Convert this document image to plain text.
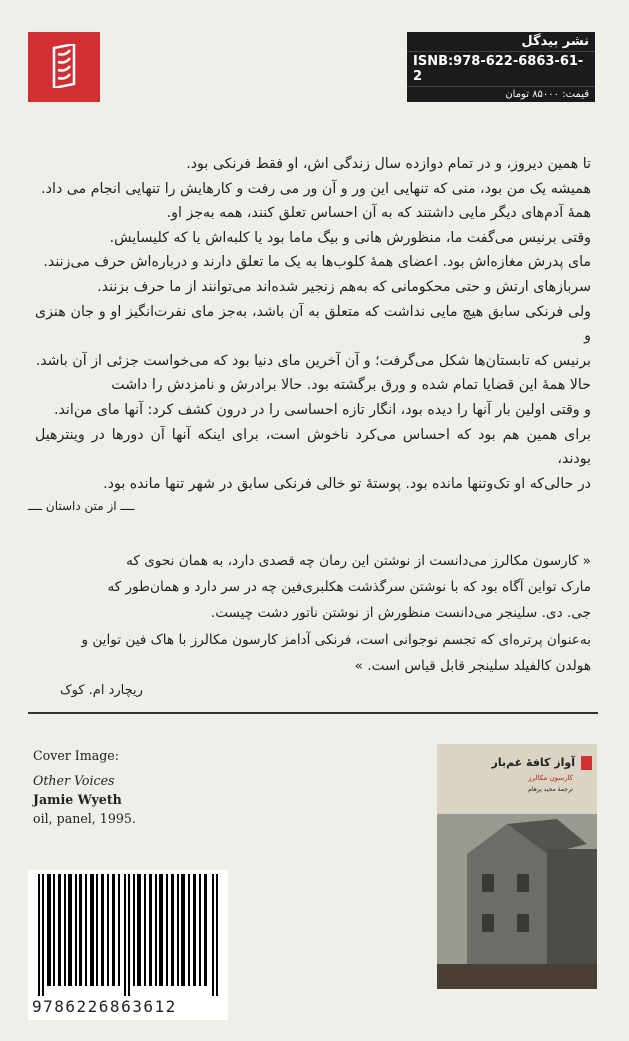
نشر بیدگل
ISNB:978-622-6863-61-2
قیمت: ۸۵۰۰۰ تومان

تا همین دیروز، و در تمام دوازده سال زندگی اش، او فقط فرنکی بود.

همیشه یک من بود، منی که تنهایی این ور و آن ور می رفت و کارهایش را تنهایی انجام می داد.

همهٔ آدم‌های دیگر مایی داشتند که به آن احساس تعلق کنند، همه به‌جز او.

وقتی برنیس می‌گفت ما، منظورش هانی و بیگ ماما بود یا کلبه‌اش یا که کلیسایش.

مای پدرش مغازه‌اش بود. اعضای همهٔ کلوب‌ها به یک ما تعلق دارند و درباره‌اش حرف می‌زنند.

سربازهای ارتش و حتی محکومانی که به‌هم زنجیر شده‌اند می‌توانند از ما حرف بزنند.

ولی فرنکی سابق هیچ مایی نداشت که متعلق به آن باشد، به‌جز مای نفرت‌انگیز او و جان هنزی و

برنیس که تابستان‌ها شکل می‌گرفت؛ و آن آخرین مای دنیا بود که می‌خواست جزئی از آن باشد.

حالا همهٔ این قضایا تمام شده و ورق برگشته بود. حالا برادرش و نامزدش را داشت

و وقتی اولین بار آنها را دیده بود، انگار تازه احساسی را در درون کشف کرد: آنها مای من‌اند.

برای همین هم بود که احساس می‌کرد ناخوش است، برای اینکه آنها آن دورها در وینترهیل بودند،

در حالی‌که او تک‌وتنها مانده بود. پوستهٔ تو خالی فرنکی سابق در شهر تنها مانده بود.

ــــ از متن داستان ــــ

« کارسون مکالرز می‌دانست از نوشتن این رمان چه قصدی دارد، به همان نحوی که

مارک تواین آگاه بود که با نوشتن سرگذشت هکلبری‌فین چه در سر دارد و همان‌طور که

جی. دی. سلینجر می‌دانست منظورش از نوشتن ناتور دشت چیست.

به‌عنوان پرتره‌ای که تجسم نوجوانی است، فرنکی آدامز کارسون مکالرز با هاک فین تواین و

هولدن کالفیلد سلینجر قابل قیاس است. »

ریچارد ام. کوک
Cover Image:
Other Voices
Jamie Wyeth
oil, panel, 1995.
آواز کافهٔ غم‌بار
کارسون مکالرز
ترجمهٔ مجید پرهام
9786226863612
